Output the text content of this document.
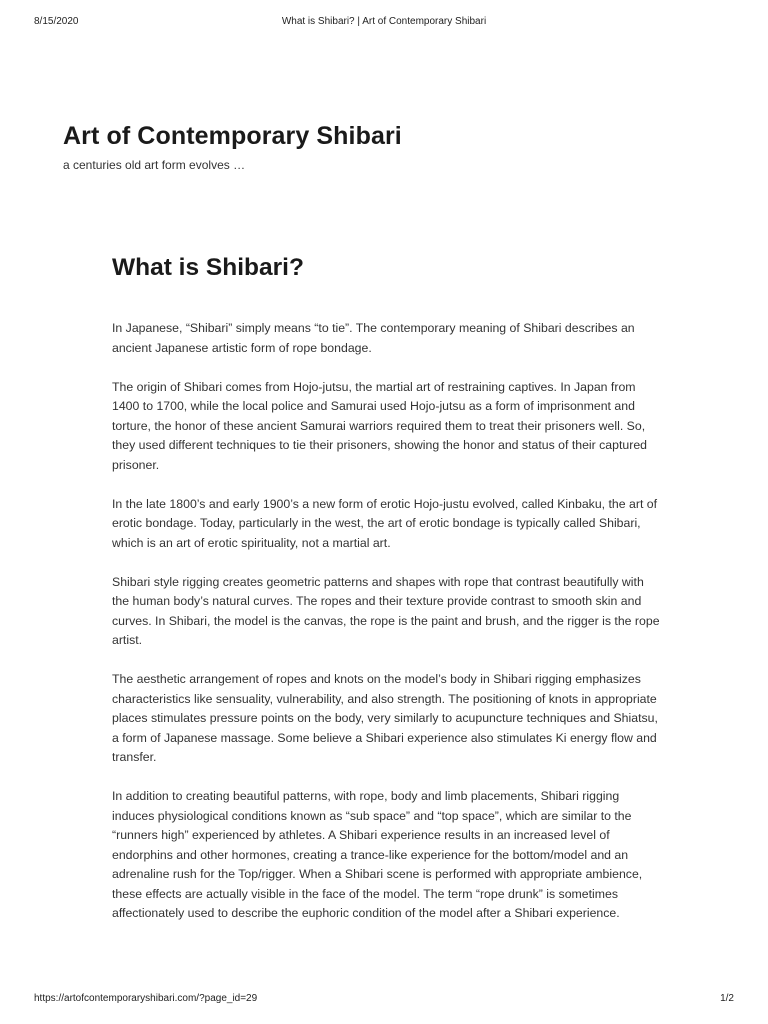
8/15/2020	What is Shibari? | Art of Contemporary Shibari
Art of Contemporary Shibari

a centuries old art form evolves …

What is Shibari?

In Japanese, “Shibari” simply means “to tie”. The contemporary meaning of Shibari describes an ancient Japanese artistic form of rope bondage.

The origin of Shibari comes from Hojo-jutsu, the martial art of restraining captives. In Japan from 1400 to 1700, while the local police and Samurai used Hojo-jutsu as a form of imprisonment and torture, the honor of these ancient Samurai warriors required them to treat their prisoners well. So, they used different techniques to tie their prisoners, showing the honor and status of their captured prisoner.

In the late 1800’s and early 1900’s a new form of erotic Hojo-justu evolved, called Kinbaku, the art of erotic bondage. Today, particularly in the west, the art of erotic bondage is typically called Shibari, which is an art of erotic spirituality, not a martial art.

Shibari style rigging creates geometric patterns and shapes with rope that contrast beautifully with the human body’s natural curves. The ropes and their texture provide contrast to smooth skin and curves. In Shibari, the model is the canvas, the rope is the paint and brush, and the rigger is the rope artist.

The aesthetic arrangement of ropes and knots on the model’s body in Shibari rigging emphasizes characteristics like sensuality, vulnerability, and also strength. The positioning of knots in appropriate places stimulates pressure points on the body, very similarly to acupuncture techniques and Shiatsu, a form of Japanese massage. Some believe a Shibari experience also stimulates Ki energy flow and transfer.

In addition to creating beautiful patterns, with rope, body and limb placements, Shibari rigging induces physiological conditions known as “sub space” and “top space”, which are similar to the “runners high” experienced by athletes. A Shibari experience results in an increased level of endorphins and other hormones, creating a trance-like experience for the bottom/model and an adrenaline rush for the Top/rigger. When a Shibari scene is performed with appropriate ambience, these effects are actually visible in the face of the model. The term “rope drunk” is sometimes affectionately used to describe the euphoric condition of the model after a Shibari experience.

https://artofcontemporaryshibari.com/?page_id=29	1/2
